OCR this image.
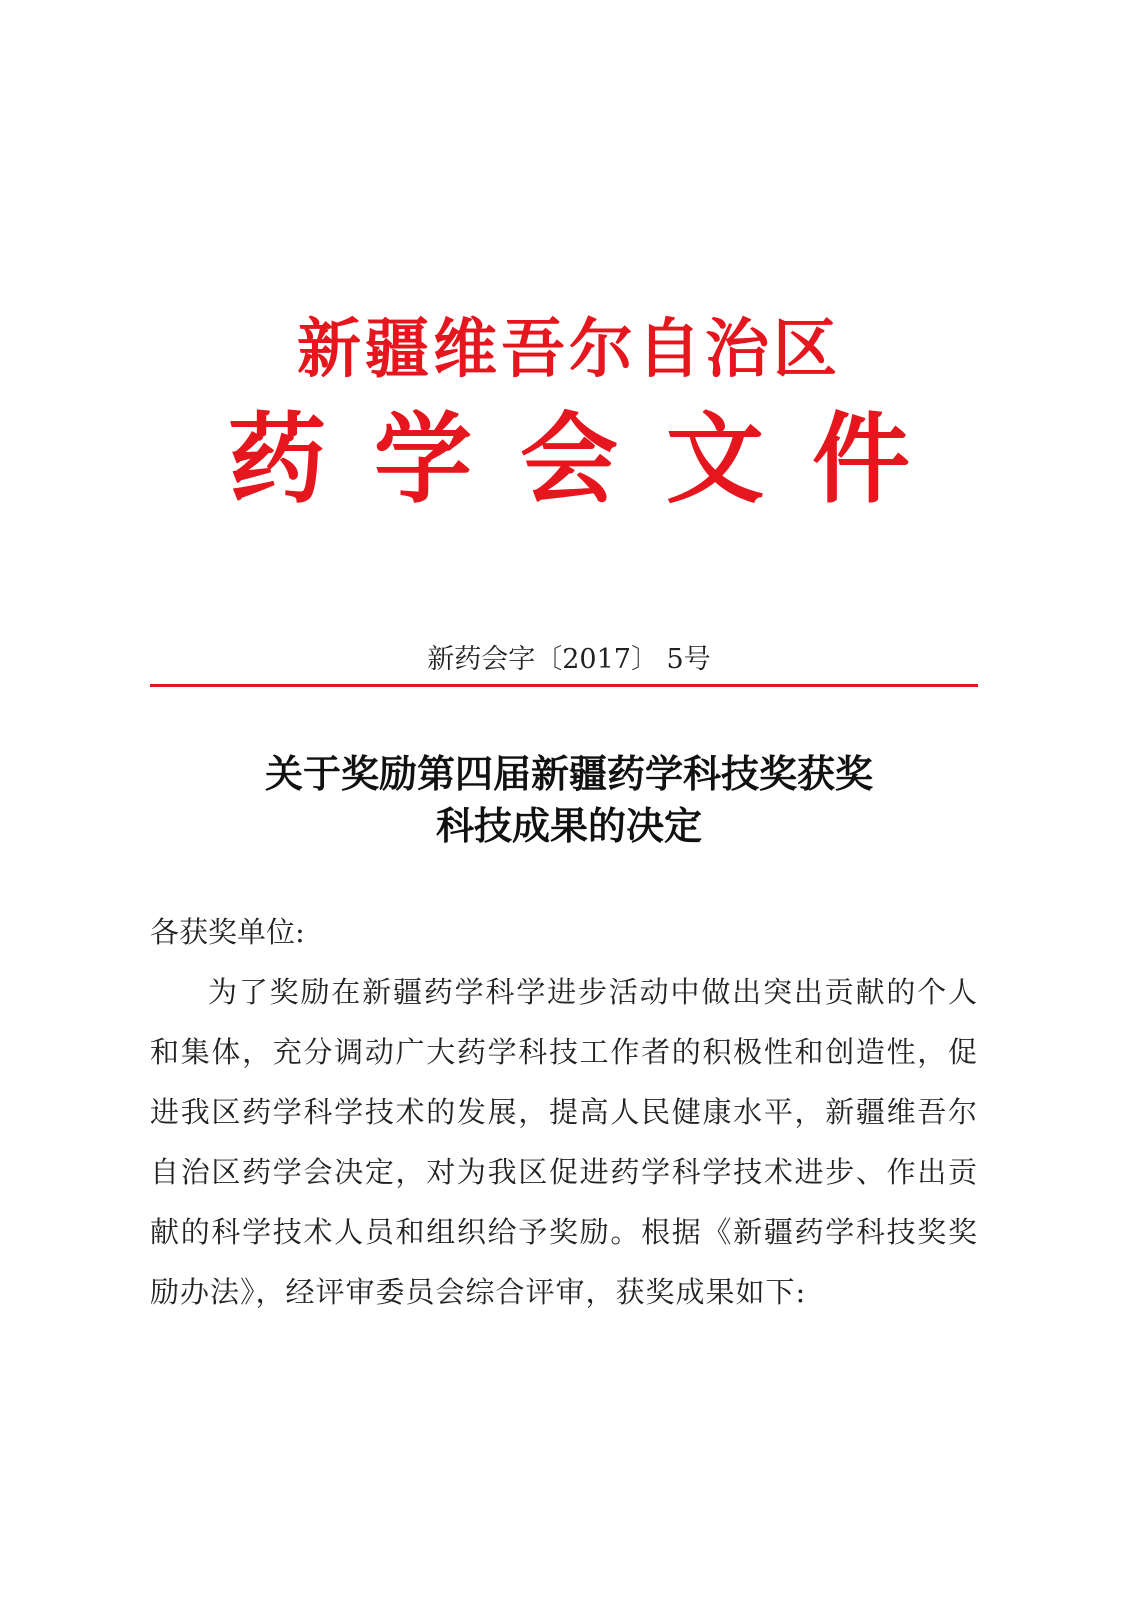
新疆维吾尔自治区
药学会文件
新药会字〔2017〕 5号
关于奖励第四届新疆药学科技奖获奖
科技成果的决定
各获奖单位:
为了奖励在新疆药学科学进步活动中做出突出贡献的个人
和集体，充分调动广大药学科技工作者的积极性和创造性，促
进我区药学科学技术的发展，提高人民健康水平，新疆维吾尔
自治区药学会决定，对为我区促进药学科学技术进步、作出贡
献的科学技术人员和组织给予奖励。根据《新疆药学科技奖奖
励办法》，经评审委员会综合评审，获奖成果如下:
